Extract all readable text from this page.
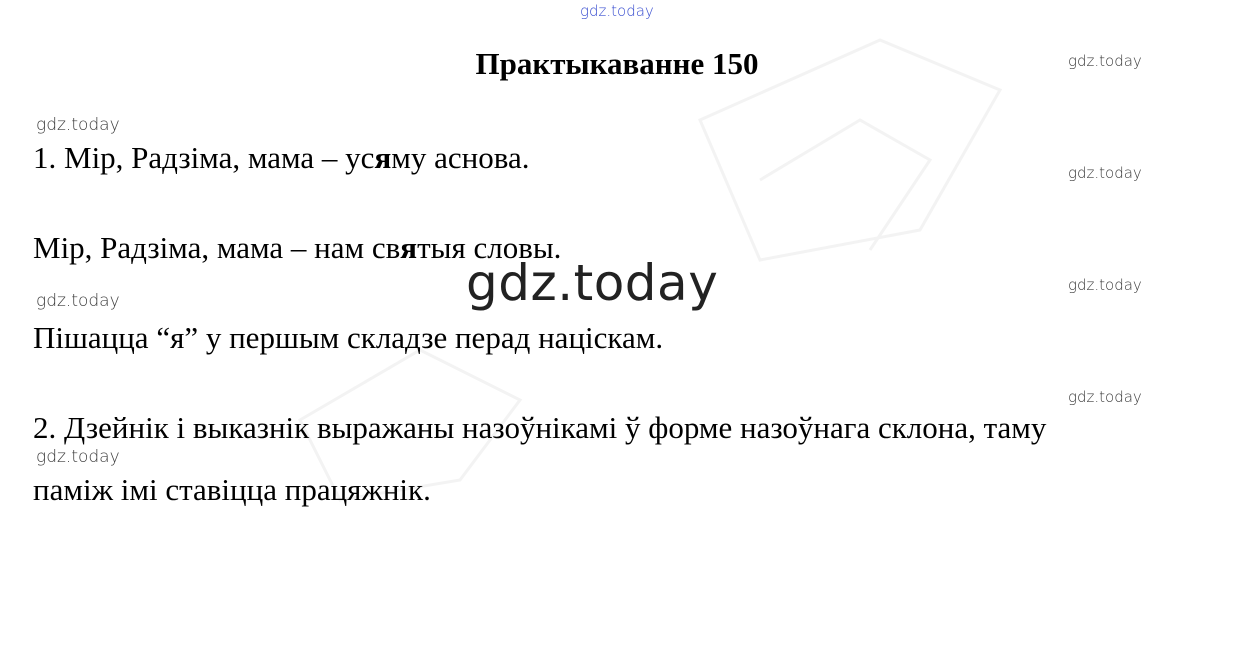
gdz.today
Практыкаванне 150	gdz.today
gdz.today
1. Мір, Радзіма, мама – усяму аснова.	gdz.today
Мір, Радзіма, мама – нам святыя словы.
gdz.today	gdz.today
gdz.today
Пішацца “я” у першым складзе перад націскам.
gdz.today
2. Дзейнік і выказнік выражаны назоўнікамі ў форме назоўнага склона, таму
gdz.today
паміж імі ставіцца працяжнік.
